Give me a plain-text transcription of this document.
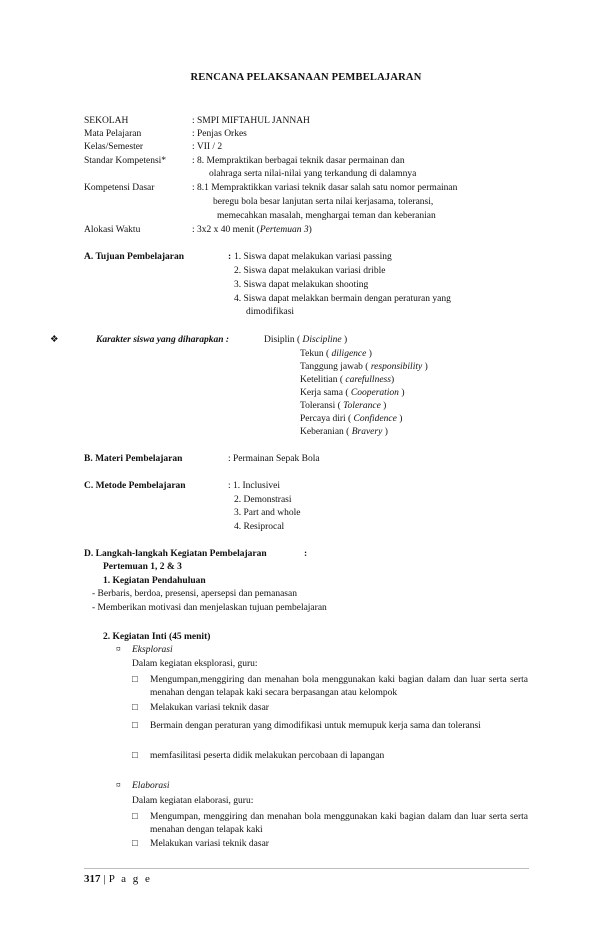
RENCANA PELAKSANAAN PEMBELAJARAN
SEKOLAH	: SMPI MIFTAHUL JANNAH
Mata Pelajaran	: Penjas Orkes
Kelas/Semester	: VII / 2
Standar Kompetensi*	: 8. Mempraktikan berbagai teknik dasar permainan dan
olahraga serta nilai-nilai yang terkandung di dalamnya
Kompetensi Dasar	: 8.1 Mempraktikkan variasi teknik dasar salah satu nomor permainan
beregu bola besar lanjutan serta nilai kerjasama, toleransi,
memecahkan masalah, menghargai teman dan keberanian
Alokasi Waktu	: 3x2 x 40 menit (Pertemuan 3)
A. Tujuan Pembelajaran	: 1. Siswa dapat melakukan variasi passing
2. Siswa dapat melakukan variasi drible
3. Siswa dapat melakukan shooting
4. Siswa dapat melakkan bermain dengan peraturan yang
dimodifikasi
❖	Karakter siswa yang diharapkan :	Disiplin ( Discipline )
Tekun ( diligence )
Tanggung jawab ( responsibility )
Ketelitian ( carefullness)
Kerja sama ( Cooperation )
Toleransi ( Tolerance )
Percaya diri ( Confidence )
Keberanian ( Bravery )
B. Materi Pembelajaran	: Permainan Sepak Bola
C. Metode Pembelajaran	: 1. Inclusivei
2. Demonstrasi
3. Part and whole
4. Resiprocal
D. Langkah-langkah Kegiatan Pembelajaran	:
Pertemuan 1, 2 & 3
1. Kegiatan Pendahuluan
- Berbaris, berdoa, presensi, apersepsi dan pemanasan
- Memberikan motivasi dan menjelaskan tujuan pembelajaran
2. Kegiatan Inti (45 menit)
¤ Eksplorasi
Dalam kegiatan eksplorasi, guru:
□ Mengumpan,menggiring dan menahan bola menggunakan kaki bagian dalam dan luar serta serta menahan dengan telapak kaki secara berpasangan atau kelompok
□ Melakukan variasi teknik dasar
□ Bermain dengan peraturan yang dimodifikasi untuk memupuk kerja sama dan toleransi
□ memfasilitasi peserta didik melakukan percobaan di lapangan
¤ Elaborasi
Dalam kegiatan elaborasi, guru:
□ Mengumpan, menggiring dan menahan bola menggunakan kaki bagian dalam dan luar serta serta menahan dengan telapak kaki
□ Melakukan variasi teknik dasar
317 | P a g e
